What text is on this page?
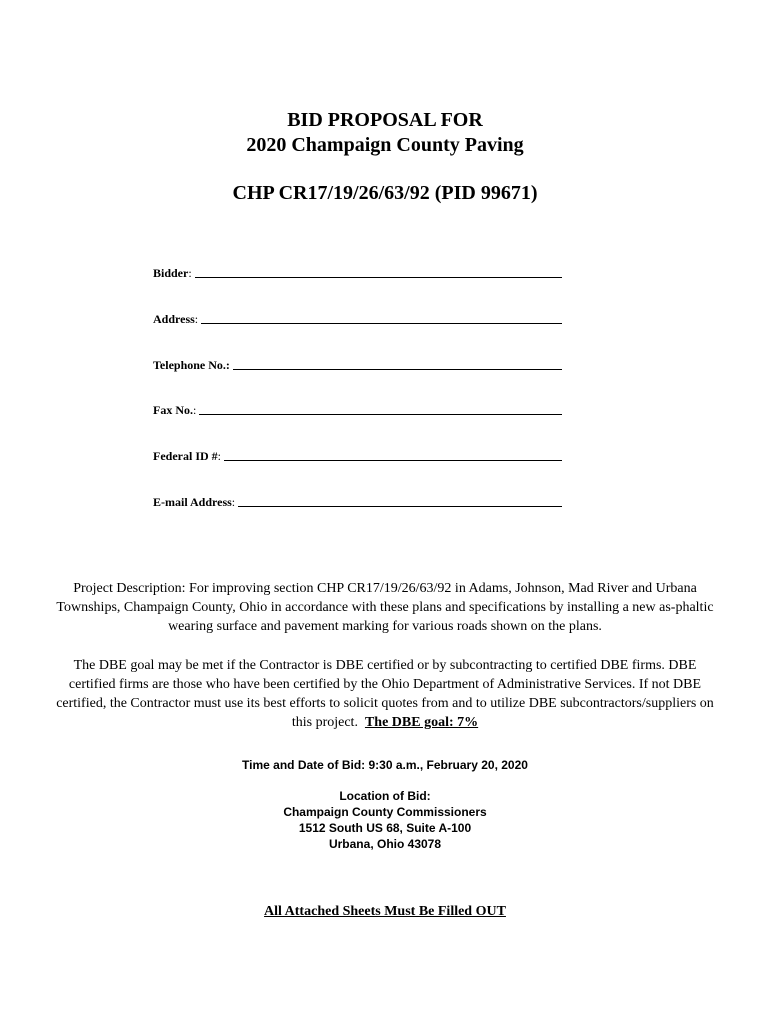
BID PROPOSAL FOR
2020 Champaign County Paving
CHP CR17/19/26/63/92 (PID 99671)
Bidder :
Address :
Telephone No.:
Fax No. :
Federal ID # :
E-mail Address :
Project Description: For improving section CHP CR17/19/26/63/92 in Adams, Johnson, Mad River and Urbana Townships, Champaign County, Ohio in accordance with these plans and specifications by installing a new as-phaltic wearing surface and pavement marking for various roads shown on the plans.
The DBE goal may be met if the Contractor is DBE certified or by subcontracting to certified DBE firms. DBE certified firms are those who have been certified by the Ohio Department of Administrative Services. If not DBE certified, the Contractor must use its best efforts to solicit quotes from and to utilize DBE subcontractors/suppliers on this project. The DBE goal: 7%
Time and Date of Bid: 9:30 a.m., February 20, 2020
Location of Bid:
Champaign County Commissioners
1512 South US 68, Suite A-100
Urbana, Ohio 43078
All Attached Sheets Must Be Filled OUT
